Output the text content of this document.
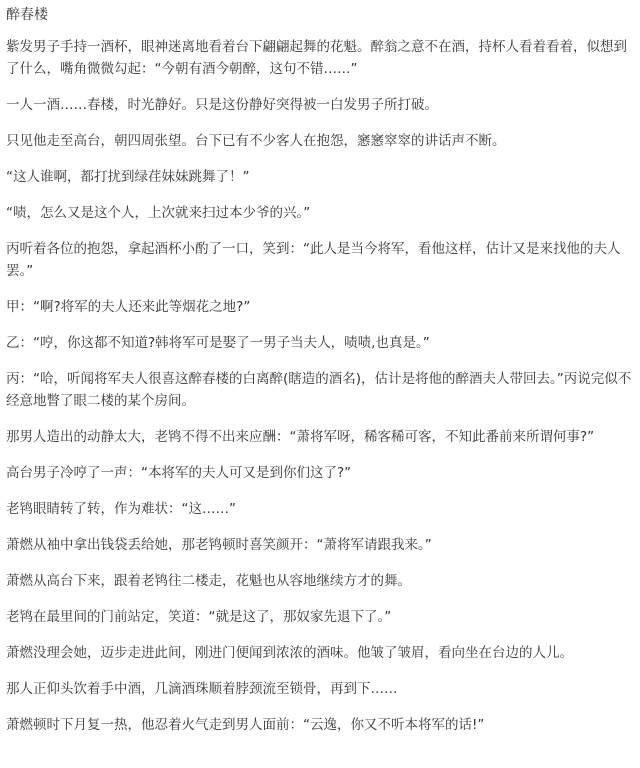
醉春楼

紫发男子手持一酒杯，眼神迷离地看着台下翩翩起舞的花魁。醉翁之意不在酒，持杯人看着看着，似想到了什么，嘴角微微勾起：“今朝有酒今朝醉，这句不错……”

一人一酒……春楼，时光静好。只是这份静好突得被一白发男子所打破。

只见他走至高台，朝四周张望。台下已有不少客人在抱怨，窸窸窣窣的讲话声不断。

“这人谁啊，都打扰到绿荏妹妹跳舞了！”

“啧，怎么又是这个人，上次就来扫过本少爷的兴。”

丙听着各位的抱怨，拿起酒杯小酌了一口，笑到：“此人是当今将军，看他这样，估计又是来找他的夫人罢。”

甲：“啊?将军的夫人还来此等烟花之地?”

乙：“哼，你这都不知道?韩将军可是娶了一男子当夫人，啧啧,也真是。”

丙：“哈，听闻将军夫人很喜这醉春楼的白离醉(瞎造的酒名)，估计是将他的醉酒夫人带回去。”丙说完似不经意地瞥了眼二楼的某个房间。

那男人造出的动静太大，老鸨不得不出来应酬：“萧将军呀，稀客稀可客，不知此番前来所谓何事?”

高台男子冷哼了一声：“本将军的夫人可又是到你们这了?”

老鸨眼睛转了转，作为难状：“这……”

萧燃从袖中拿出钱袋丢给她，那老鸨顿时喜笑颜开：“萧将军请跟我来。”

萧燃从高台下来，跟着老鸨往二楼走，花魁也从容地继续方才的舞。

老鸨在最里间的门前站定，笑道：“就是这了，那奴家先退下了。”

萧燃没理会她，迈步走进此间，刚进门便闻到浓浓的酒味。他皱了皱眉，看向坐在台边的人儿。

那人正仰头饮着手中酒，几滴酒珠顺着脖颈流至锁骨，再到下……

萧燃顿时下月复一热，他忍着火气走到男人面前：“云逸，你又不听本将军的话!”
